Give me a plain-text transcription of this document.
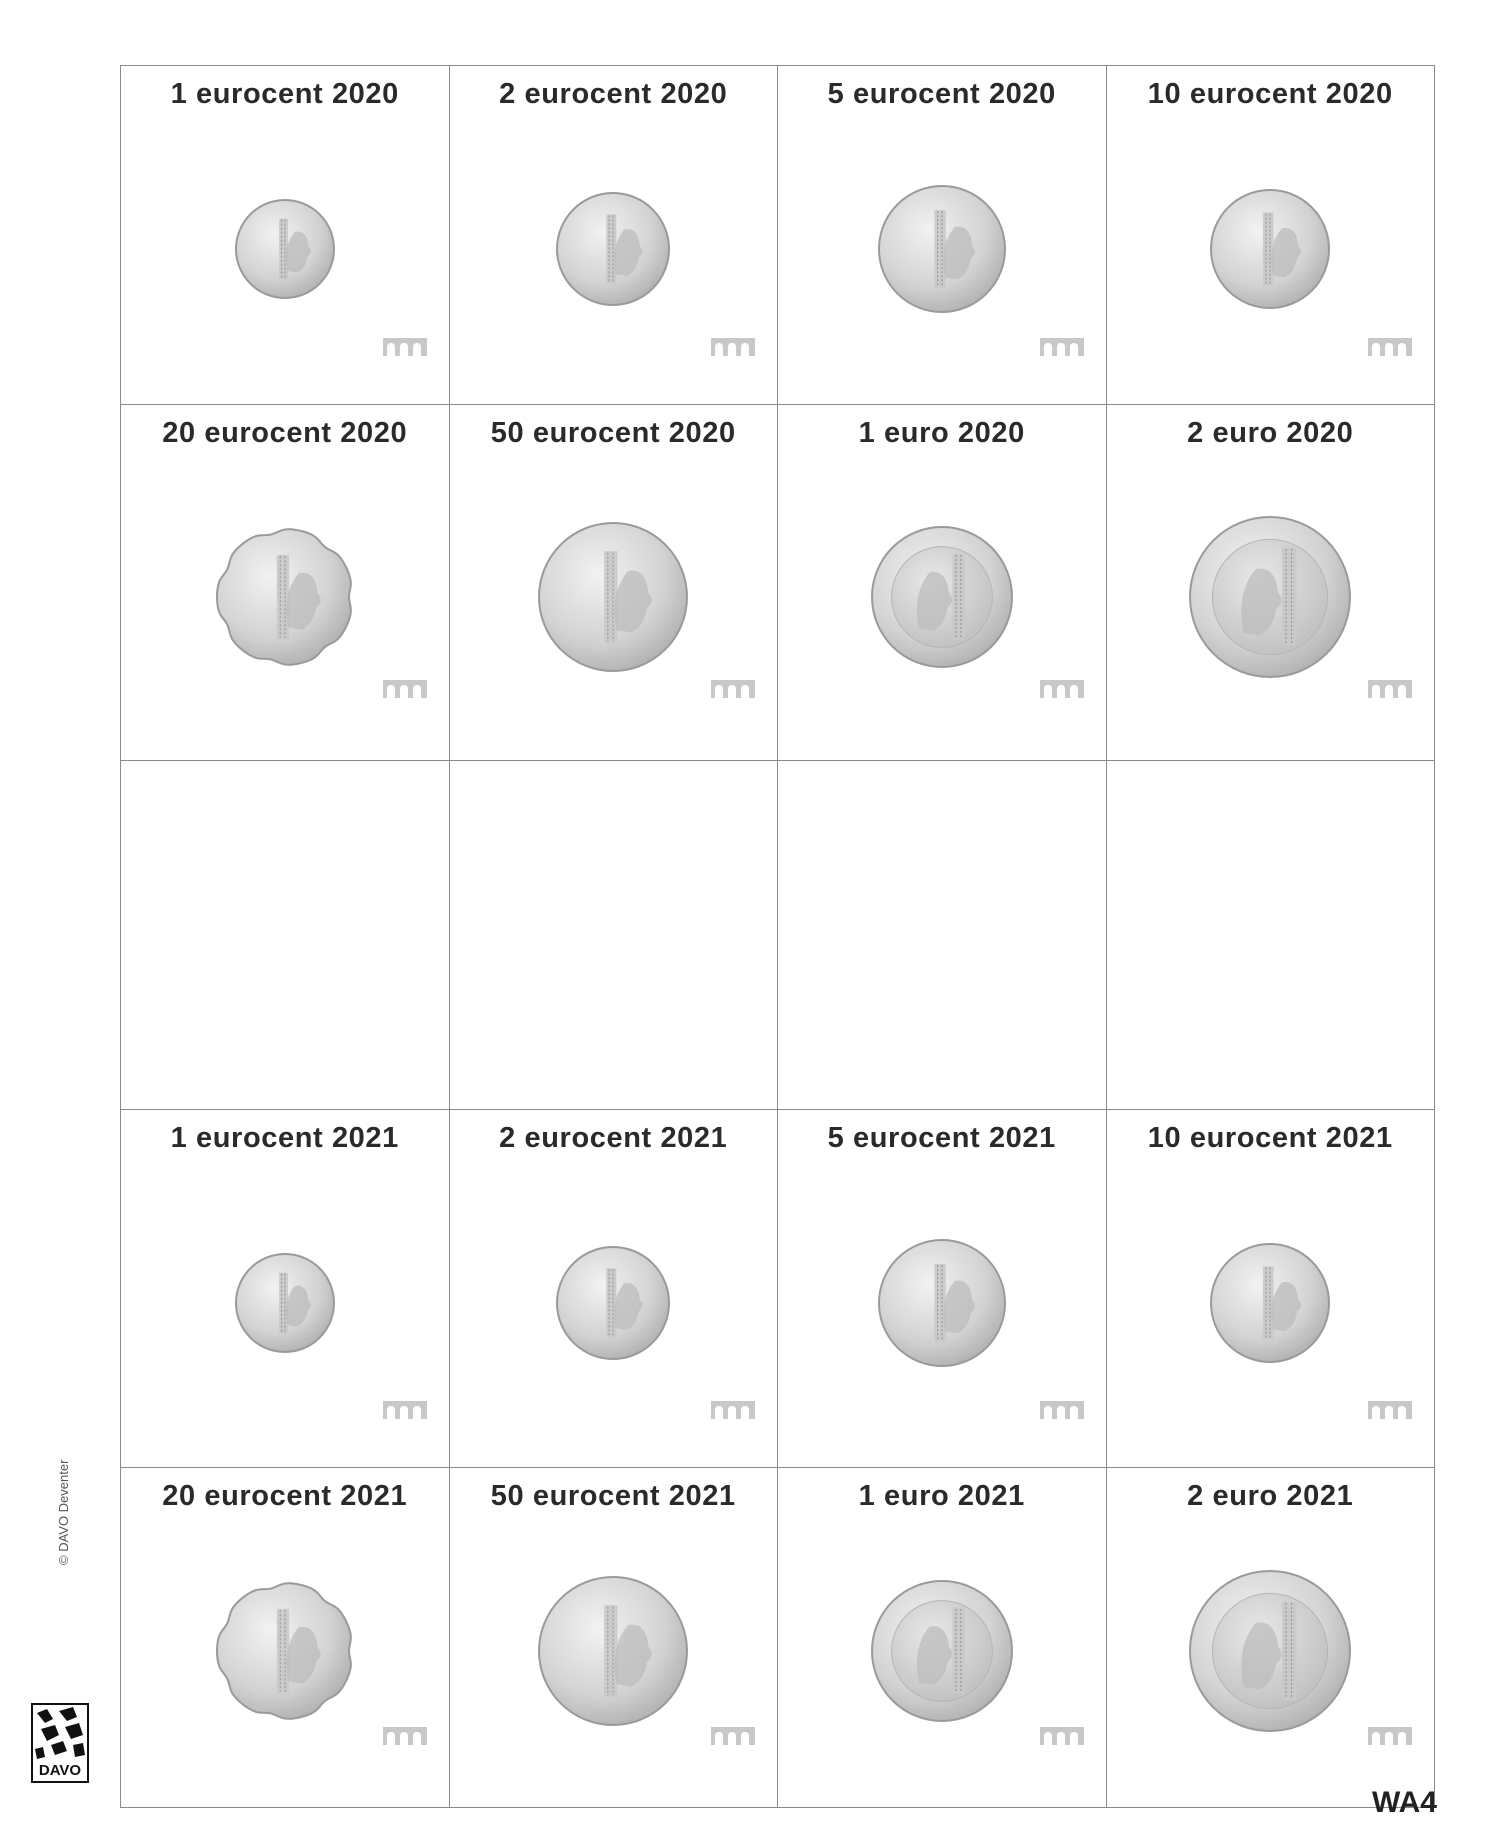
1 eurocent 2020	2 eurocent 2020	5 eurocent 2020	10 eurocent 2020
20 eurocent 2020	50 eurocent 2020	1 euro 2020	2 euro 2020
1 eurocent 2021	2 eurocent 2021	5 eurocent 2021	10 eurocent 2021
20 eurocent 2021	50 eurocent 2021	1 euro 2021	2 euro 2021
© DAVO Deventer
DAVO
WA4
